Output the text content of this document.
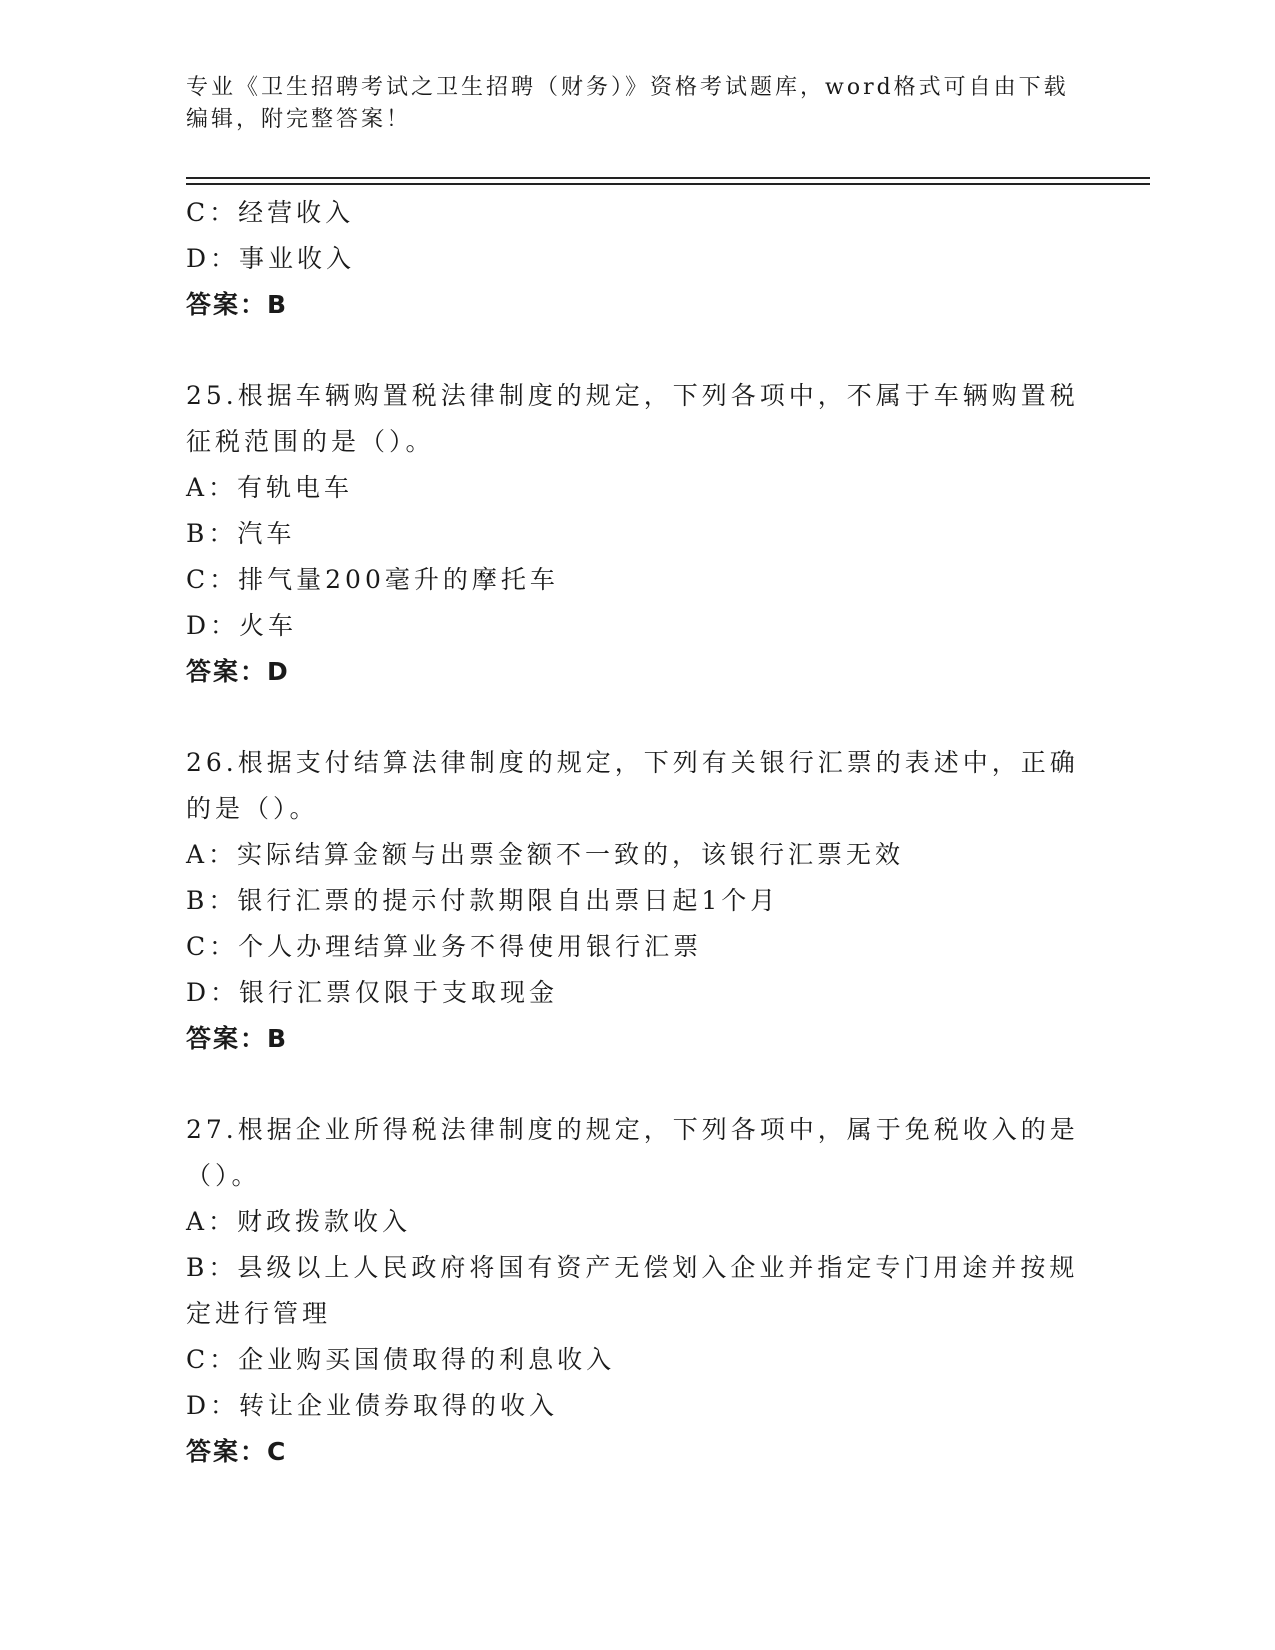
专业《卫生招聘考试之卫生招聘（财务）》资格考试题库，word格式可自由下载
编辑，附完整答案！
C：经营收入
D：事业收入
答案：B
25.根据车辆购置税法律制度的规定，下列各项中，不属于车辆购置税
征税范围的是（）。
A：有轨电车
B：汽车
C：排气量200毫升的摩托车
D：火车
答案：D
26.根据支付结算法律制度的规定，下列有关银行汇票的表述中，正确
的是（）。
A：实际结算金额与出票金额不一致的，该银行汇票无效
B：银行汇票的提示付款期限自出票日起1个月
C：个人办理结算业务不得使用银行汇票
D：银行汇票仅限于支取现金
答案：B
27.根据企业所得税法律制度的规定，下列各项中，属于免税收入的是
（）。
A：财政拨款收入
B：县级以上人民政府将国有资产无偿划入企业并指定专门用途并按规
定进行管理
C：企业购买国债取得的利息收入
D：转让企业债券取得的收入
答案：C
